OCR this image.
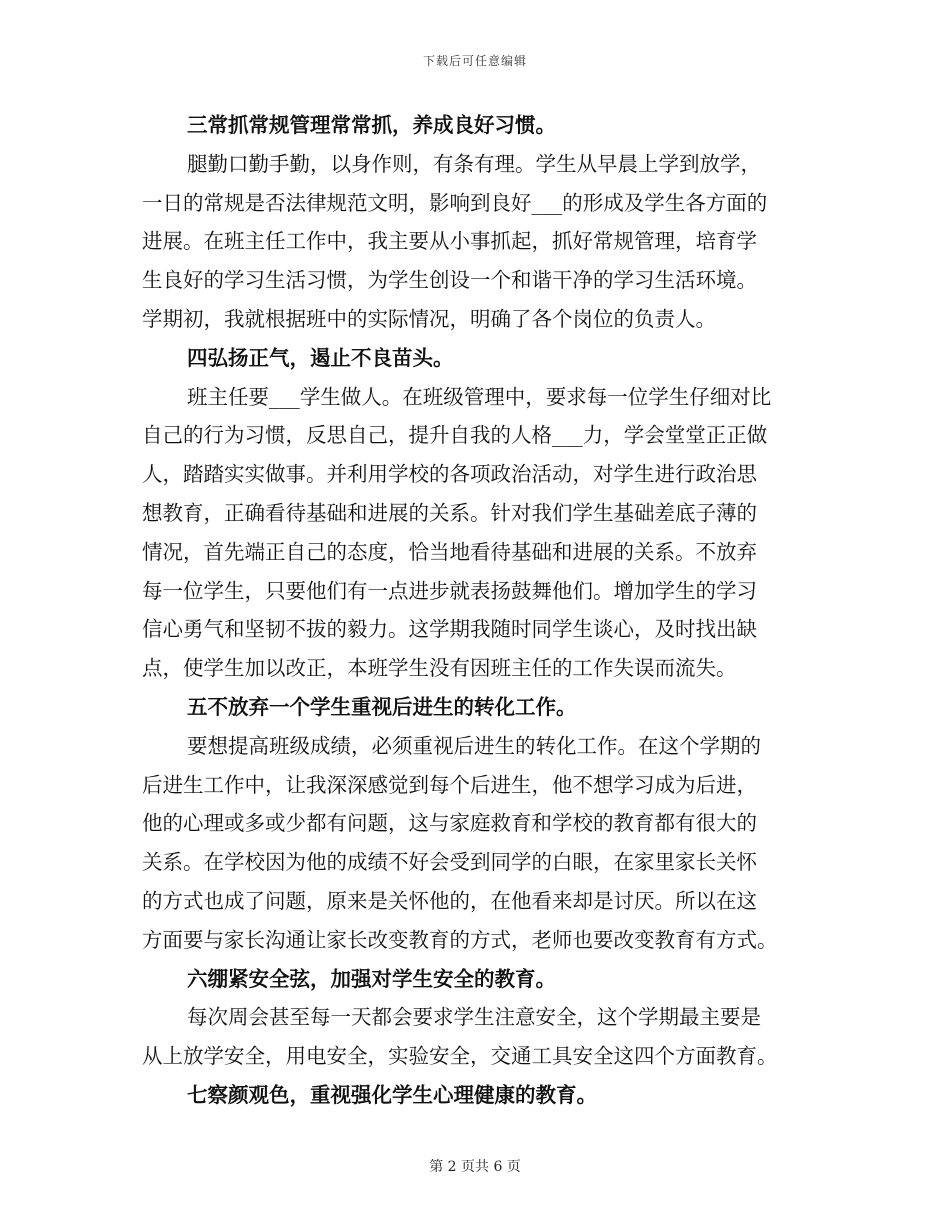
下载后可任意编辑
三常抓常规管理常常抓，养成良好习惯。
腿勤口勤手勤，以身作则，有条有理。学生从早晨上学到放学，
一日的常规是否法律规范文明，影响到良好___的形成及学生各方面的
进展。在班主任工作中，我主要从小事抓起，抓好常规管理，培育学
生良好的学习生活习惯，为学生创设一个和谐干净的学习生活环境。
学期初，我就根据班中的实际情况，明确了各个岗位的负责人。
四弘扬正气，遏止不良苗头。
班主任要___学生做人。在班级管理中，要求每一位学生仔细对比
自己的行为习惯，反思自己，提升自我的人格___力，学会堂堂正正做
人，踏踏实实做事。并利用学校的各项政治活动，对学生进行政治思
想教育，正确看待基础和进展的关系。针对我们学生基础差底子薄的
情况，首先端正自己的态度，恰当地看待基础和进展的关系。不放弃
每一位学生，只要他们有一点进步就表扬鼓舞他们。增加学生的学习
信心勇气和坚韧不拔的毅力。这学期我随时同学生谈心，及时找出缺
点，使学生加以改正，本班学生没有因班主任的工作失误而流失。
五不放弃一个学生重视后进生的转化工作。
要想提高班级成绩，必须重视后进生的转化工作。在这个学期的
后进生工作中，让我深深感觉到每个后进生，他不想学习成为后进，
他的心理或多或少都有问题，这与家庭救育和学校的教育都有很大的
关系。在学校因为他的成绩不好会受到同学的白眼，在家里家长关怀
的方式也成了问题，原来是关怀他的，在他看来却是讨厌。所以在这
方面要与家长沟通让家长改变教育的方式，老师也要改变教育有方式。
六绷紧安全弦，加强对学生安全的教育。
每次周会甚至每一天都会要求学生注意安全，这个学期最主要是
从上放学安全，用电安全，实验安全，交通工具安全这四个方面教育。
七察颜观色，重视强化学生心理健康的教育。
第 2 页共 6 页
